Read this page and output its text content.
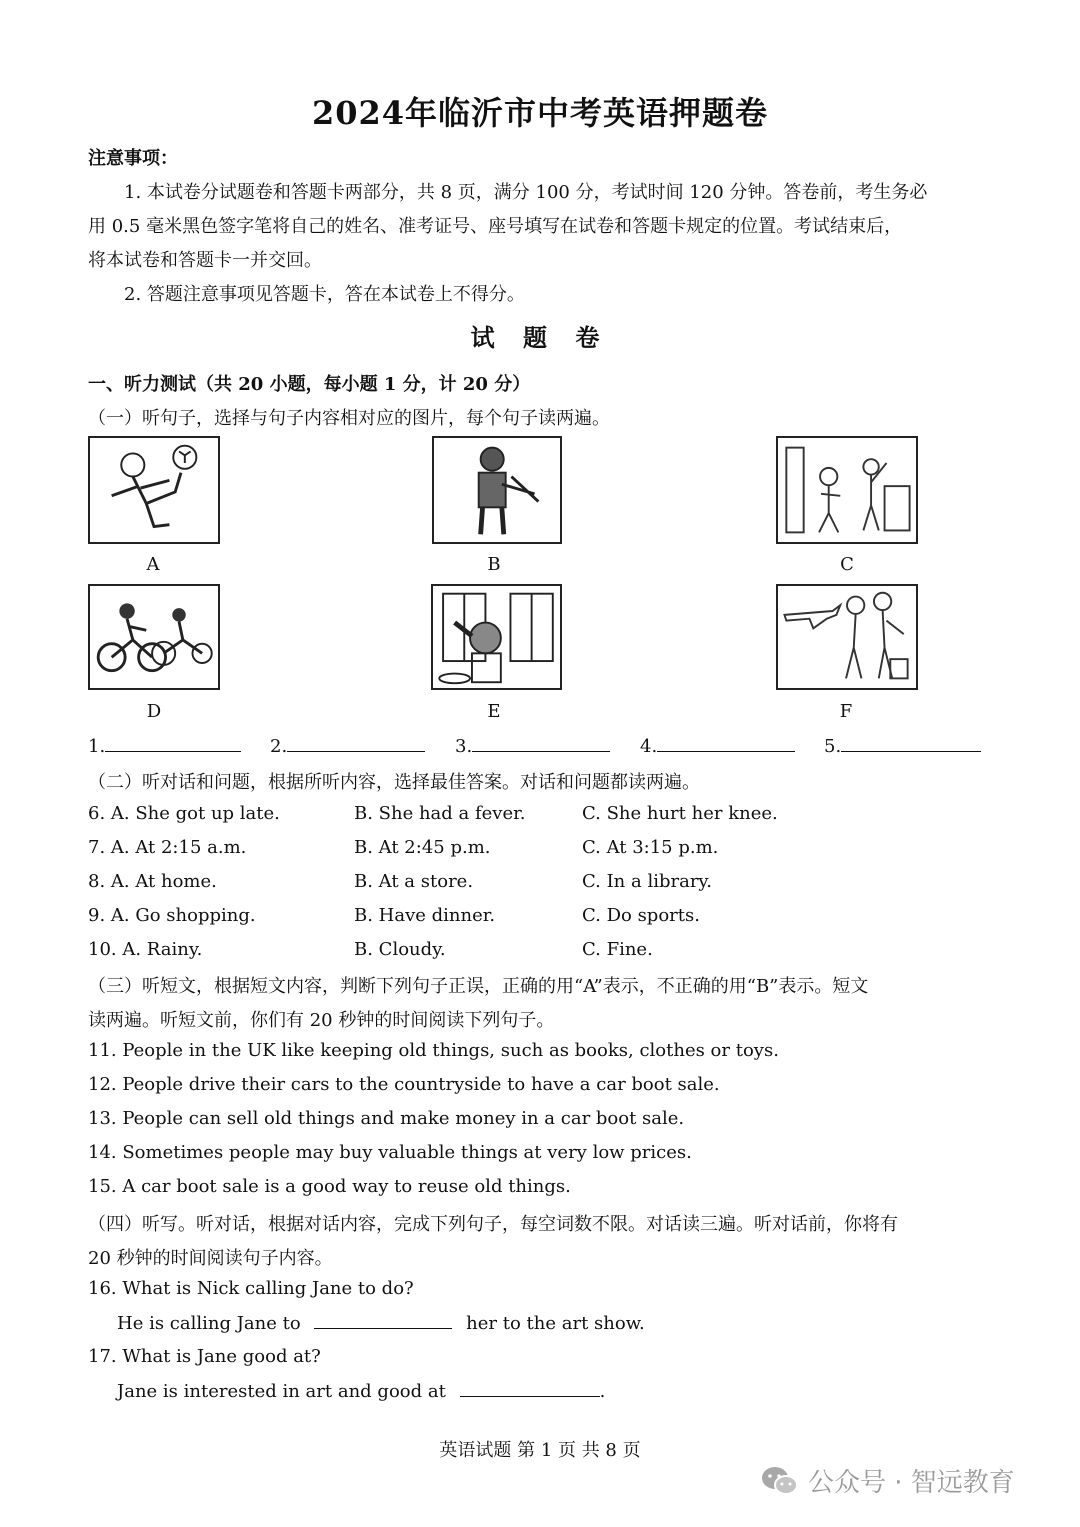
2024年临沂市中考英语押题卷
注意事项：
1. 本试卷分试题卷和答题卡两部分，共 8 页，满分 100 分，考试时间 120 分钟。答卷前，考生务必
用 0.5 毫米黑色签字笔将自己的姓名、准考证号、座号填写在试卷和答题卡规定的位置。考试结束后，
将本试卷和答题卡一并交回。
2. 答题注意事项见答题卡，答在本试卷上不得分。
试 题 卷
一、听力测试（共 20 小题，每小题 1 分，计 20 分）
（一）听句子，选择与句子内容相对应的图片，每个句子读两遍。
A	B	C
D	E	F
1.	2.	3.	4.	5.
（二）听对话和问题，根据所听内容，选择最佳答案。对话和问题都读两遍。
6. A. She got up late.	B. She had a fever.	C. She hurt her knee.
7. A. At 2:15 a.m.	B. At 2:45 p.m.	C. At 3:15 p.m.
8. A. At home.	B. At a store.	C. In a library.
9. A. Go shopping.	B. Have dinner.	C. Do sports.
10. A. Rainy.	B. Cloudy.	C. Fine.
（三）听短文，根据短文内容，判断下列句子正误，正确的用“A”表示，不正确的用“B”表示。短文
读两遍。听短文前，你们有 20 秒钟的时间阅读下列句子。
11. People in the UK like keeping old things, such as books, clothes or toys.
12. People drive their cars to the countryside to have a car boot sale.
13. People can sell old things and make money in a car boot sale.
14. Sometimes people may buy valuable things at very low prices.
15. A car boot sale is a good way to reuse old things.
（四）听写。听对话，根据对话内容，完成下列句子，每空词数不限。对话读三遍。听对话前，你将有
20 秒钟的时间阅读句子内容。
16. What is Nick calling Jane to do?
He is calling Jane to	her to the art show.
17. What is Jane good at?
Jane is interested in art and good at	.
英语试题 第 1 页 共 8 页
公众号 · 智远教育
